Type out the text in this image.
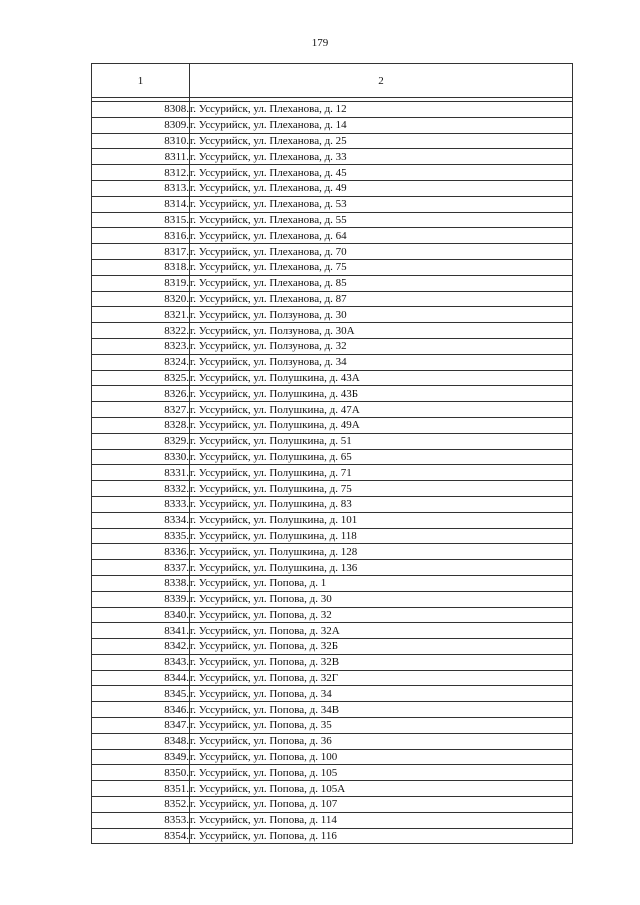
179
1	2

8308.	г. Уссурийск, ул. Плеханова, д. 12
8309.	г. Уссурийск, ул. Плеханова, д. 14
8310.	г. Уссурийск, ул. Плеханова, д. 25
8311.	г. Уссурийск, ул. Плеханова, д. 33
8312.	г. Уссурийск, ул. Плеханова, д. 45
8313.	г. Уссурийск, ул. Плеханова, д. 49
8314.	г. Уссурийск, ул. Плеханова, д. 53
8315.	г. Уссурийск, ул. Плеханова, д. 55
8316.	г. Уссурийск, ул. Плеханова, д. 64
8317.	г. Уссурийск, ул. Плеханова, д. 70
8318.	г. Уссурийск, ул. Плеханова, д. 75
8319.	г. Уссурийск, ул. Плеханова, д. 85
8320.	г. Уссурийск, ул. Плеханова, д. 87
8321.	г. Уссурийск, ул. Ползунова, д. 30
8322.	г. Уссурийск, ул. Ползунова, д. 30А
8323.	г. Уссурийск, ул. Ползунова, д. 32
8324.	г. Уссурийск, ул. Ползунова, д. 34
8325.	г. Уссурийск, ул. Полушкина, д. 43А
8326.	г. Уссурийск, ул. Полушкина, д. 43Б
8327.	г. Уссурийск, ул. Полушкина, д. 47А
8328.	г. Уссурийск, ул. Полушкина, д. 49А
8329.	г. Уссурийск, ул. Полушкина, д. 51
8330.	г. Уссурийск, ул. Полушкина, д. 65
8331.	г. Уссурийск, ул. Полушкина, д. 71
8332.	г. Уссурийск, ул. Полушкина, д. 75
8333.	г. Уссурийск, ул. Полушкина, д. 83
8334.	г. Уссурийск, ул. Полушкина, д. 101
8335.	г. Уссурийск, ул. Полушкина, д. 118
8336.	г. Уссурийск, ул. Полушкина, д. 128
8337.	г. Уссурийск, ул. Полушкина, д. 136
8338.	г. Уссурийск, ул. Попова, д. 1
8339.	г. Уссурийск, ул. Попова, д. 30
8340.	г. Уссурийск, ул. Попова, д. 32
8341.	г. Уссурийск, ул. Попова, д. 32А
8342.	г. Уссурийск, ул. Попова, д. 32Б
8343.	г. Уссурийск, ул. Попова, д. 32В
8344.	г. Уссурийск, ул. Попова, д. 32Г
8345.	г. Уссурийск, ул. Попова, д. 34
8346.	г. Уссурийск, ул. Попова, д. 34В
8347.	г. Уссурийск, ул. Попова, д. 35
8348.	г. Уссурийск, ул. Попова, д. 36
8349.	г. Уссурийск, ул. Попова, д. 100
8350.	г. Уссурийск, ул. Попова, д. 105
8351.	г. Уссурийск, ул. Попова, д. 105А
8352.	г. Уссурийск, ул. Попова, д. 107
8353.	г. Уссурийск, ул. Попова, д. 114
8354.	г. Уссурийск, ул. Попова, д. 116
